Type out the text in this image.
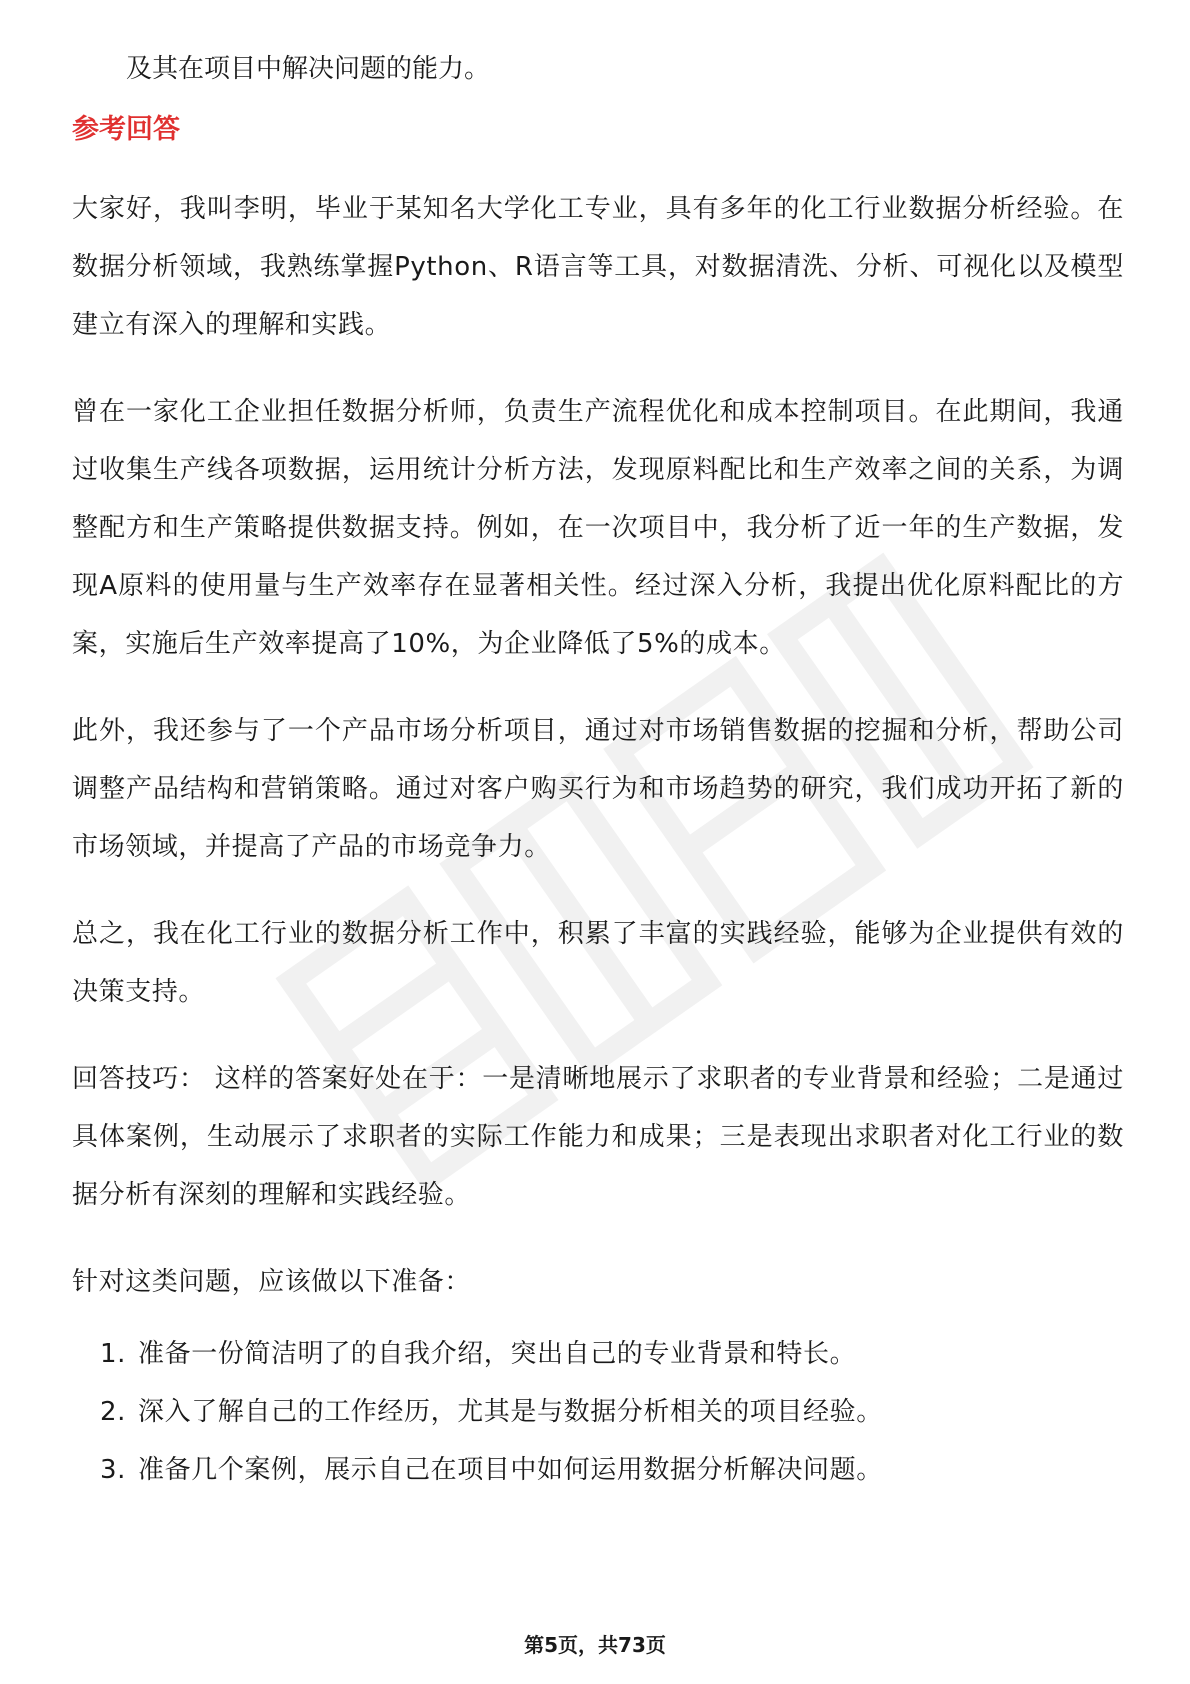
及其在项目中解决问题的能力。

参考回答

大家好，我叫李明，毕业于某知名大学化工专业，具有多年的化工行业数据分析经验。在数据分析领域，我熟练掌握Python、R语言等工具，对数据清洗、分析、可视化以及模型建立有深入的理解和实践。

曾在一家化工企业担任数据分析师，负责生产流程优化和成本控制项目。在此期间，我通过收集生产线各项数据，运用统计分析方法，发现原料配比和生产效率之间的关系，为调整配方和生产策略提供数据支持。例如，在一次项目中，我分析了近一年的生产数据，发现A原料的使用量与生产效率存在显著相关性。经过深入分析，我提出优化原料配比的方案，实施后生产效率提高了10%，为企业降低了5%的成本。

此外，我还参与了一个产品市场分析项目，通过对市场销售数据的挖掘和分析，帮助公司调整产品结构和营销策略。通过对客户购买行为和市场趋势的研究，我们成功开拓了新的市场领域，并提高了产品的市场竞争力。

总之，我在化工行业的数据分析工作中，积累了丰富的实践经验，能够为企业提供有效的决策支持。

回答技巧： 这样的答案好处在于：一是清晰地展示了求职者的专业背景和经验；二是通过具体案例，生动展示了求职者的实际工作能力和成果；三是表现出求职者对化工行业的数据分析有深刻的理解和实践经验。

针对这类问题，应该做以下准备：

1. 准备一份简洁明了的自我介绍，突出自己的专业背景和特长。
2. 深入了解自己的工作经历，尤其是与数据分析相关的项目经验。
3. 准备几个案例，展示自己在项目中如何运用数据分析解决问题。
第5页，共73页
